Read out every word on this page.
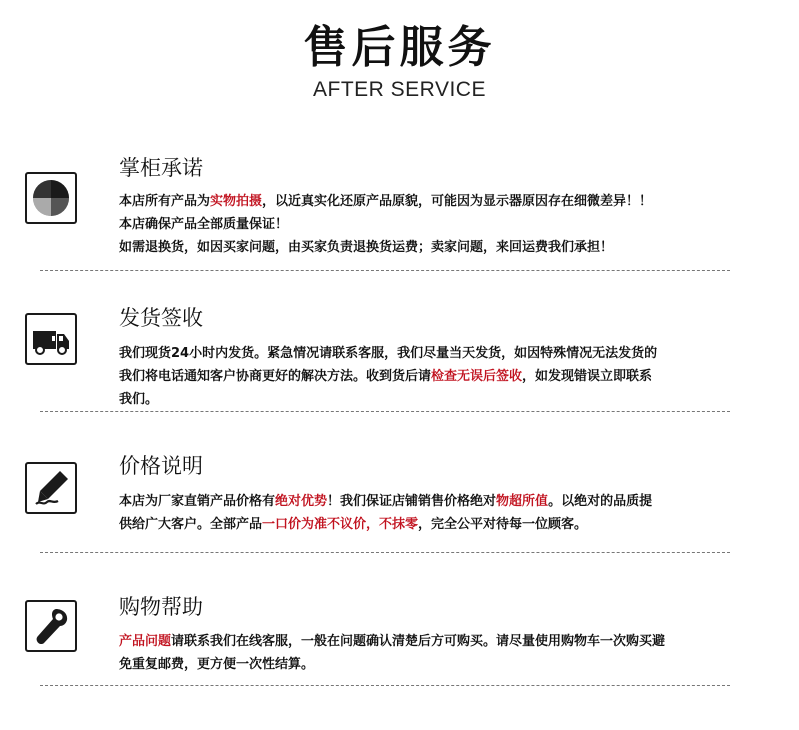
售后服务
AFTER SERVICE
掌柜承诺
本店所有产品为实物拍摄，以近真实化还原产品原貌，可能因为显示器原因存在细微差异！！
本店确保产品全部质量保证！
如需退换货，如因买家问题，由买家负责退换货运费；卖家问题，来回运费我们承担！
发货签收
我们现货24小时内发货。紧急情况请联系客服，我们尽量当天发货，如因特殊情况无法发货的
我们将电话通知客户协商更好的解决方法。收到货后请检查无误后签收，如发现错误立即联系
我们。
价格说明
本店为厂家直销产品价格有绝对优势！我们保证店铺销售价格绝对物超所值。以绝对的品质提
供给广大客户。全部产品一口价为准不议价，不抹零，完全公平对待每一位顾客。
购物帮助
产品问题请联系我们在线客服，一般在问题确认清楚后方可购买。请尽量使用购物车一次购买避
免重复邮费，更方便一次性结算。
